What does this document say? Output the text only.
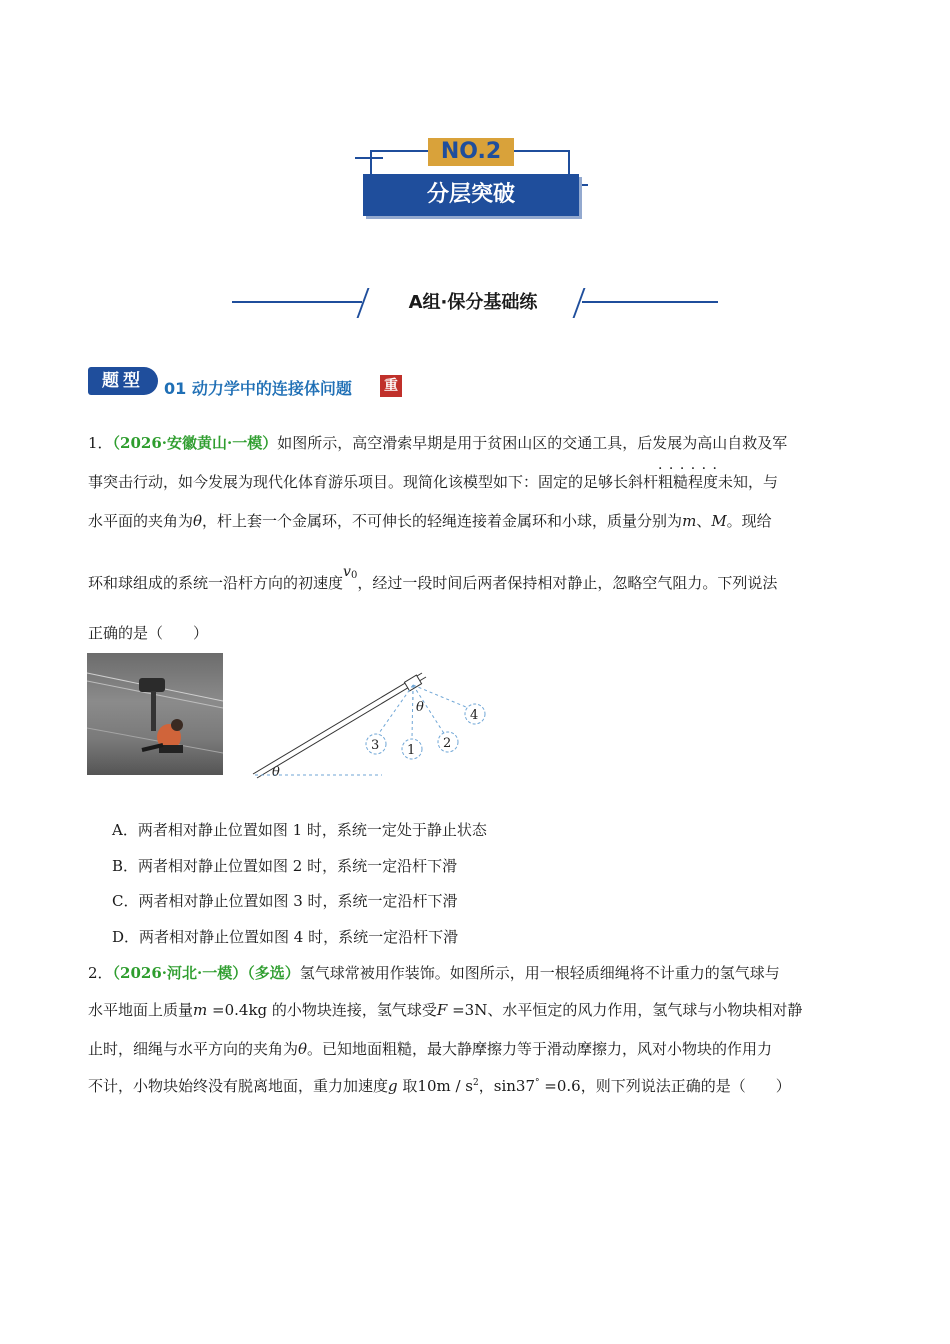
NO.2
分层突破
A组·保分基础练
题型	01 动力学中的连接体问题 重
1．（2026·安徽黄山·一模）如图所示，高空滑索早期是用于贫困山区的交通工具，后发展为高山自救及军
事突击行动，如今发展为现代化体育游乐项目。现简化该模型如下：固定的足够长斜杆· · · 粗糙程度未知，与
水平面的夹角为θ，杆上套一个金属环，不可伸长的轻绳连接着金属环和小球，质量分别为m、M。现给
环和球组成的系统一沿杆方向的初速度$v_0$，经过一段时间后两者保持相对静止，忽略空气阻力。下列说法
正确的是（　　）
θ
θ
1 2
3
4
A．两者相对静止位置如图 1 时，系统一定处于静止状态
B．两者相对静止位置如图 2 时，系统一定沿杆下滑
C．两者相对静止位置如图 3 时，系统一定沿杆下滑
D．两者相对静止位置如图 4 时，系统一定沿杆下滑
2．（2026·河北·一模）（多选）氢气球常被用作装饰。如图所示，用一根轻质细绳将不计重力的氢气球与
水平地面上质量m =0.4kg 的小物块连接，氢气球受F =3N、水平恒定的风力作用，氢气球与小物块相对静
止时，细绳与水平方向的夹角为θ。已知地面粗糙，最大静摩擦力等于滑动摩擦力，风对小物块的作用力
不计，小物块始终没有脱离地面，重力加速度g 取$10m / s^2$，sin37° =0.6，则下列说法正确的是（　　）
